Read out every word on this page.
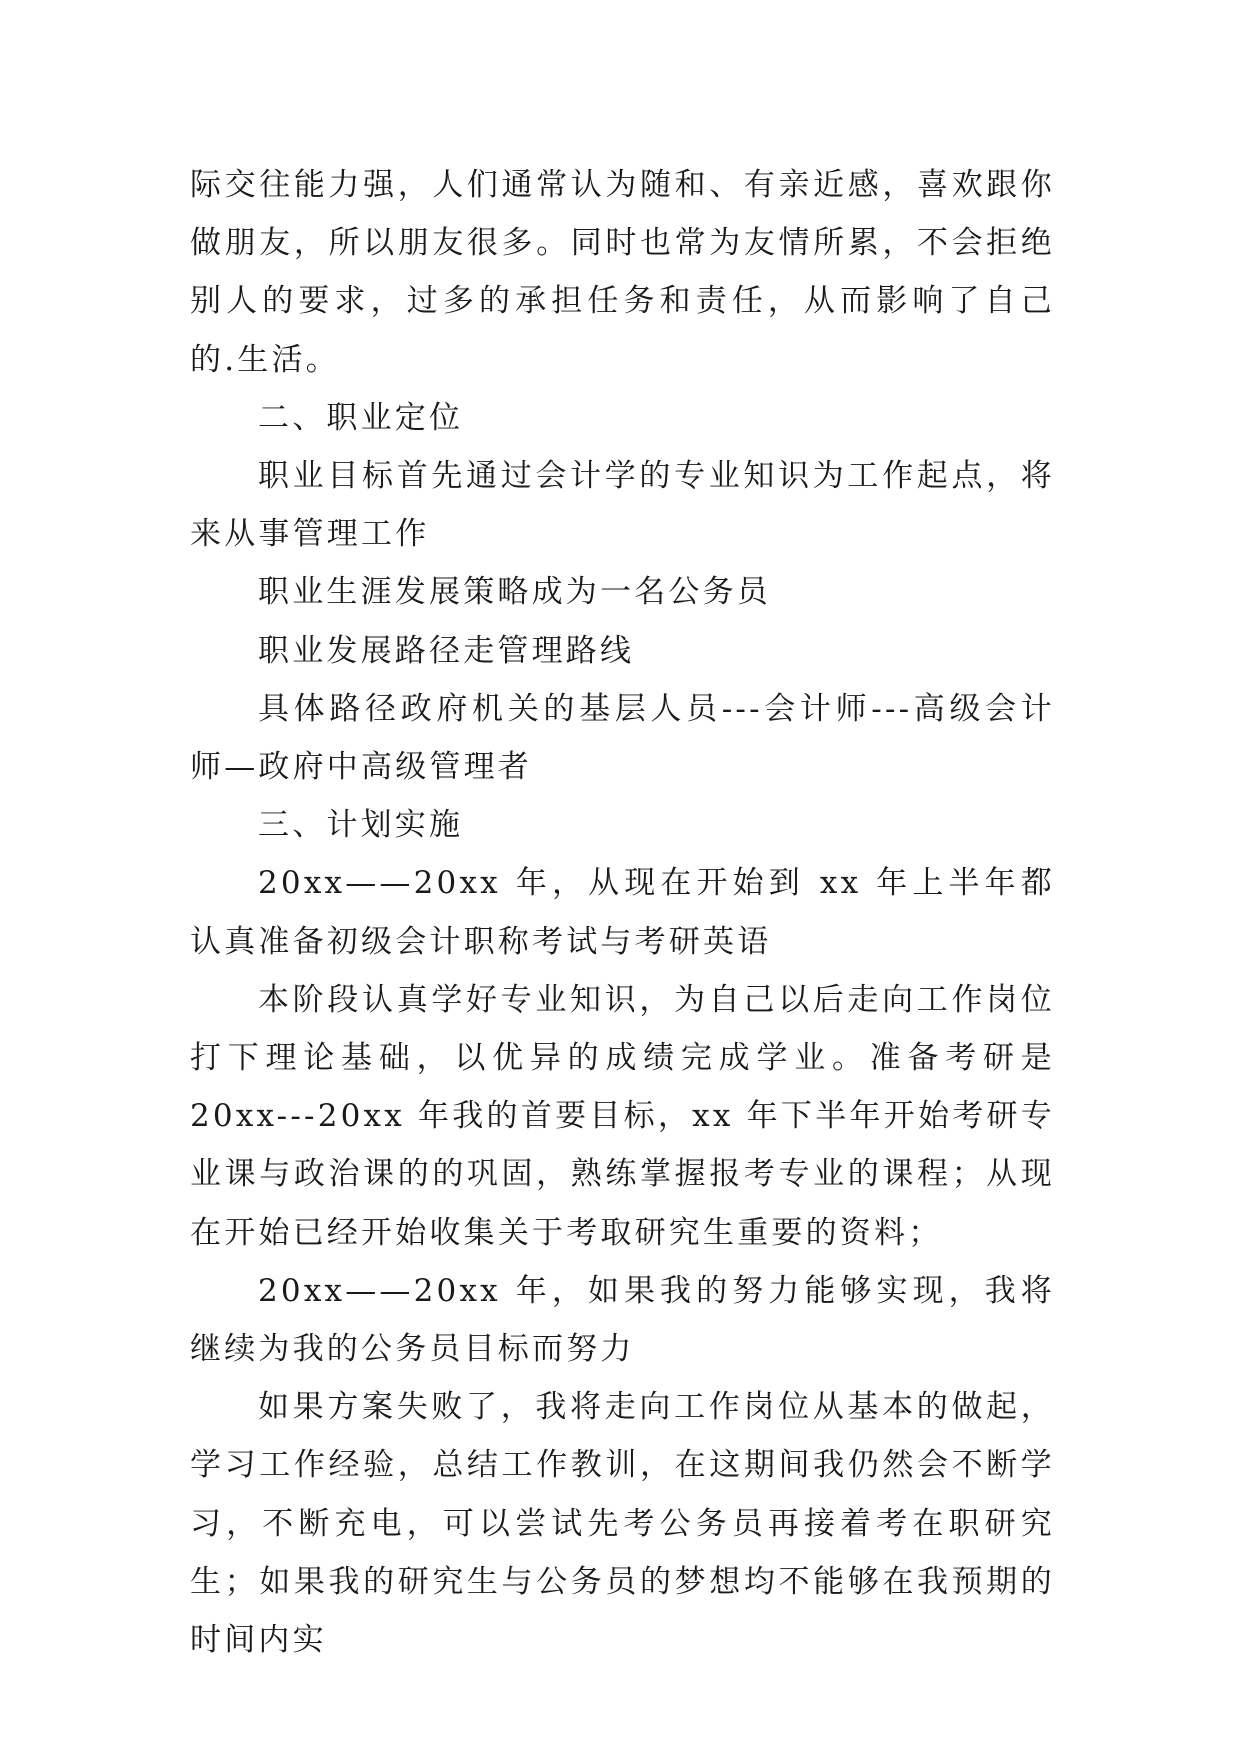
际交往能力强，人们通常认为随和、有亲近感，喜欢跟你做朋友，所以朋友很多。同时也常为友情所累，不会拒绝别人的要求，过多的承担任务和责任，从而影响了自己的.生活。

二、职业定位

职业目标首先通过会计学的专业知识为工作起点，将来从事管理工作

职业生涯发展策略成为一名公务员

职业发展路径走管理路线

具体路径政府机关的基层人员---会计师---高级会计师—政府中高级管理者

三、计划实施

20xx——20xx 年，从现在开始到 xx 年上半年都认真准备初级会计职称考试与考研英语

本阶段认真学好专业知识，为自己以后走向工作岗位打下理论基础，以优异的成绩完成学业。准备考研是20xx---20xx 年我的首要目标，xx 年下半年开始考研专业课与政治课的的巩固，熟练掌握报考专业的课程；从现在开始已经开始收集关于考取研究生重要的资料；

20xx——20xx 年，如果我的努力能够实现，我将继续为我的公务员目标而努力

如果方案失败了，我将走向工作岗位从基本的做起，学习工作经验，总结工作教训，在这期间我仍然会不断学习，不断充电，可以尝试先考公务员再接着考在职研究生；如果我的研究生与公务员的梦想均不能够在我预期的时间内实
